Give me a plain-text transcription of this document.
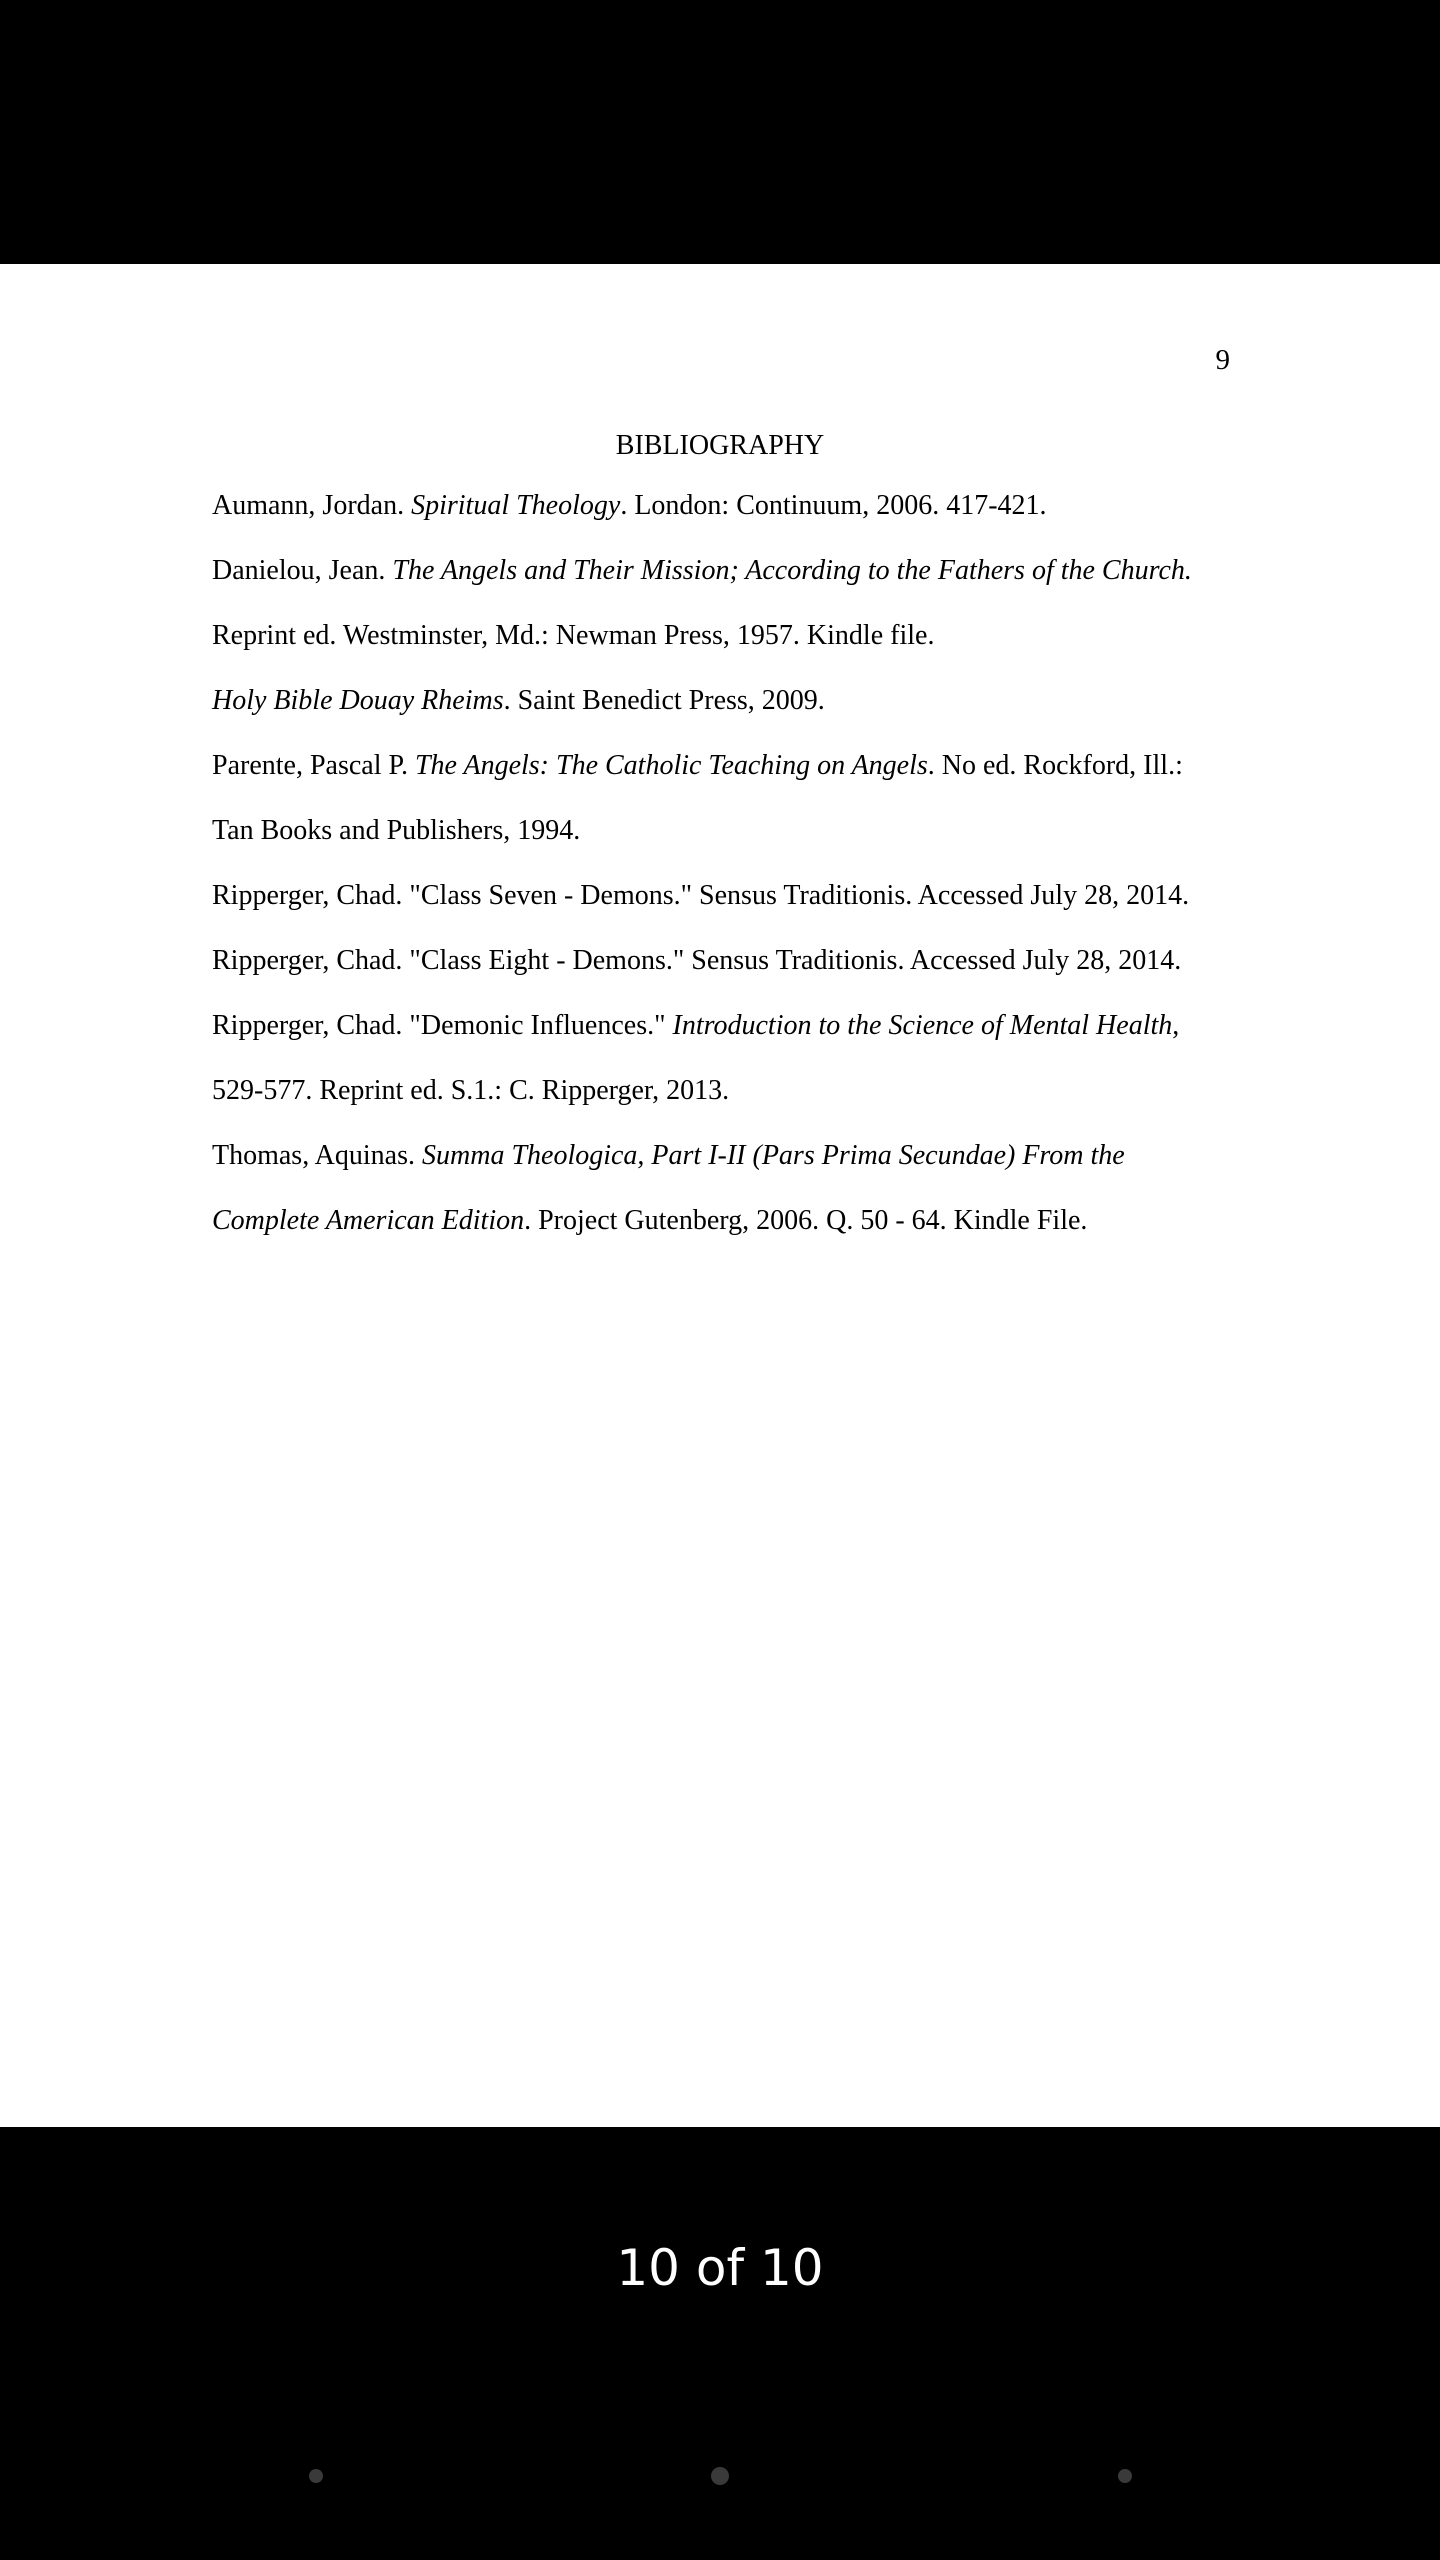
9
BIBLIOGRAPHY

Aumann, Jordan. Spiritual Theology. London: Continuum, 2006. 417-421.

Danielou, Jean. The Angels and Their Mission; According to the Fathers of the Church.
Reprint ed. Westminster, Md.: Newman Press, 1957. Kindle file.

Holy Bible Douay Rheims. Saint Benedict Press, 2009.

Parente, Pascal P. The Angels: The Catholic Teaching on Angels. No ed. Rockford, Ill.:
Tan Books and Publishers, 1994.

Ripperger, Chad. "Class Seven - Demons." Sensus Traditionis. Accessed July 28, 2014.

Ripperger, Chad. "Class Eight - Demons." Sensus Traditionis. Accessed July 28, 2014.

Ripperger, Chad. "Demonic Influences." Introduction to the Science of Mental Health,
529-577. Reprint ed. S.1.: C. Ripperger, 2013.

Thomas, Aquinas. Summa Theologica, Part I-II (Pars Prima Secundae) From the
Complete American Edition. Project Gutenberg, 2006. Q. 50 - 64. Kindle File.

10 of 10
